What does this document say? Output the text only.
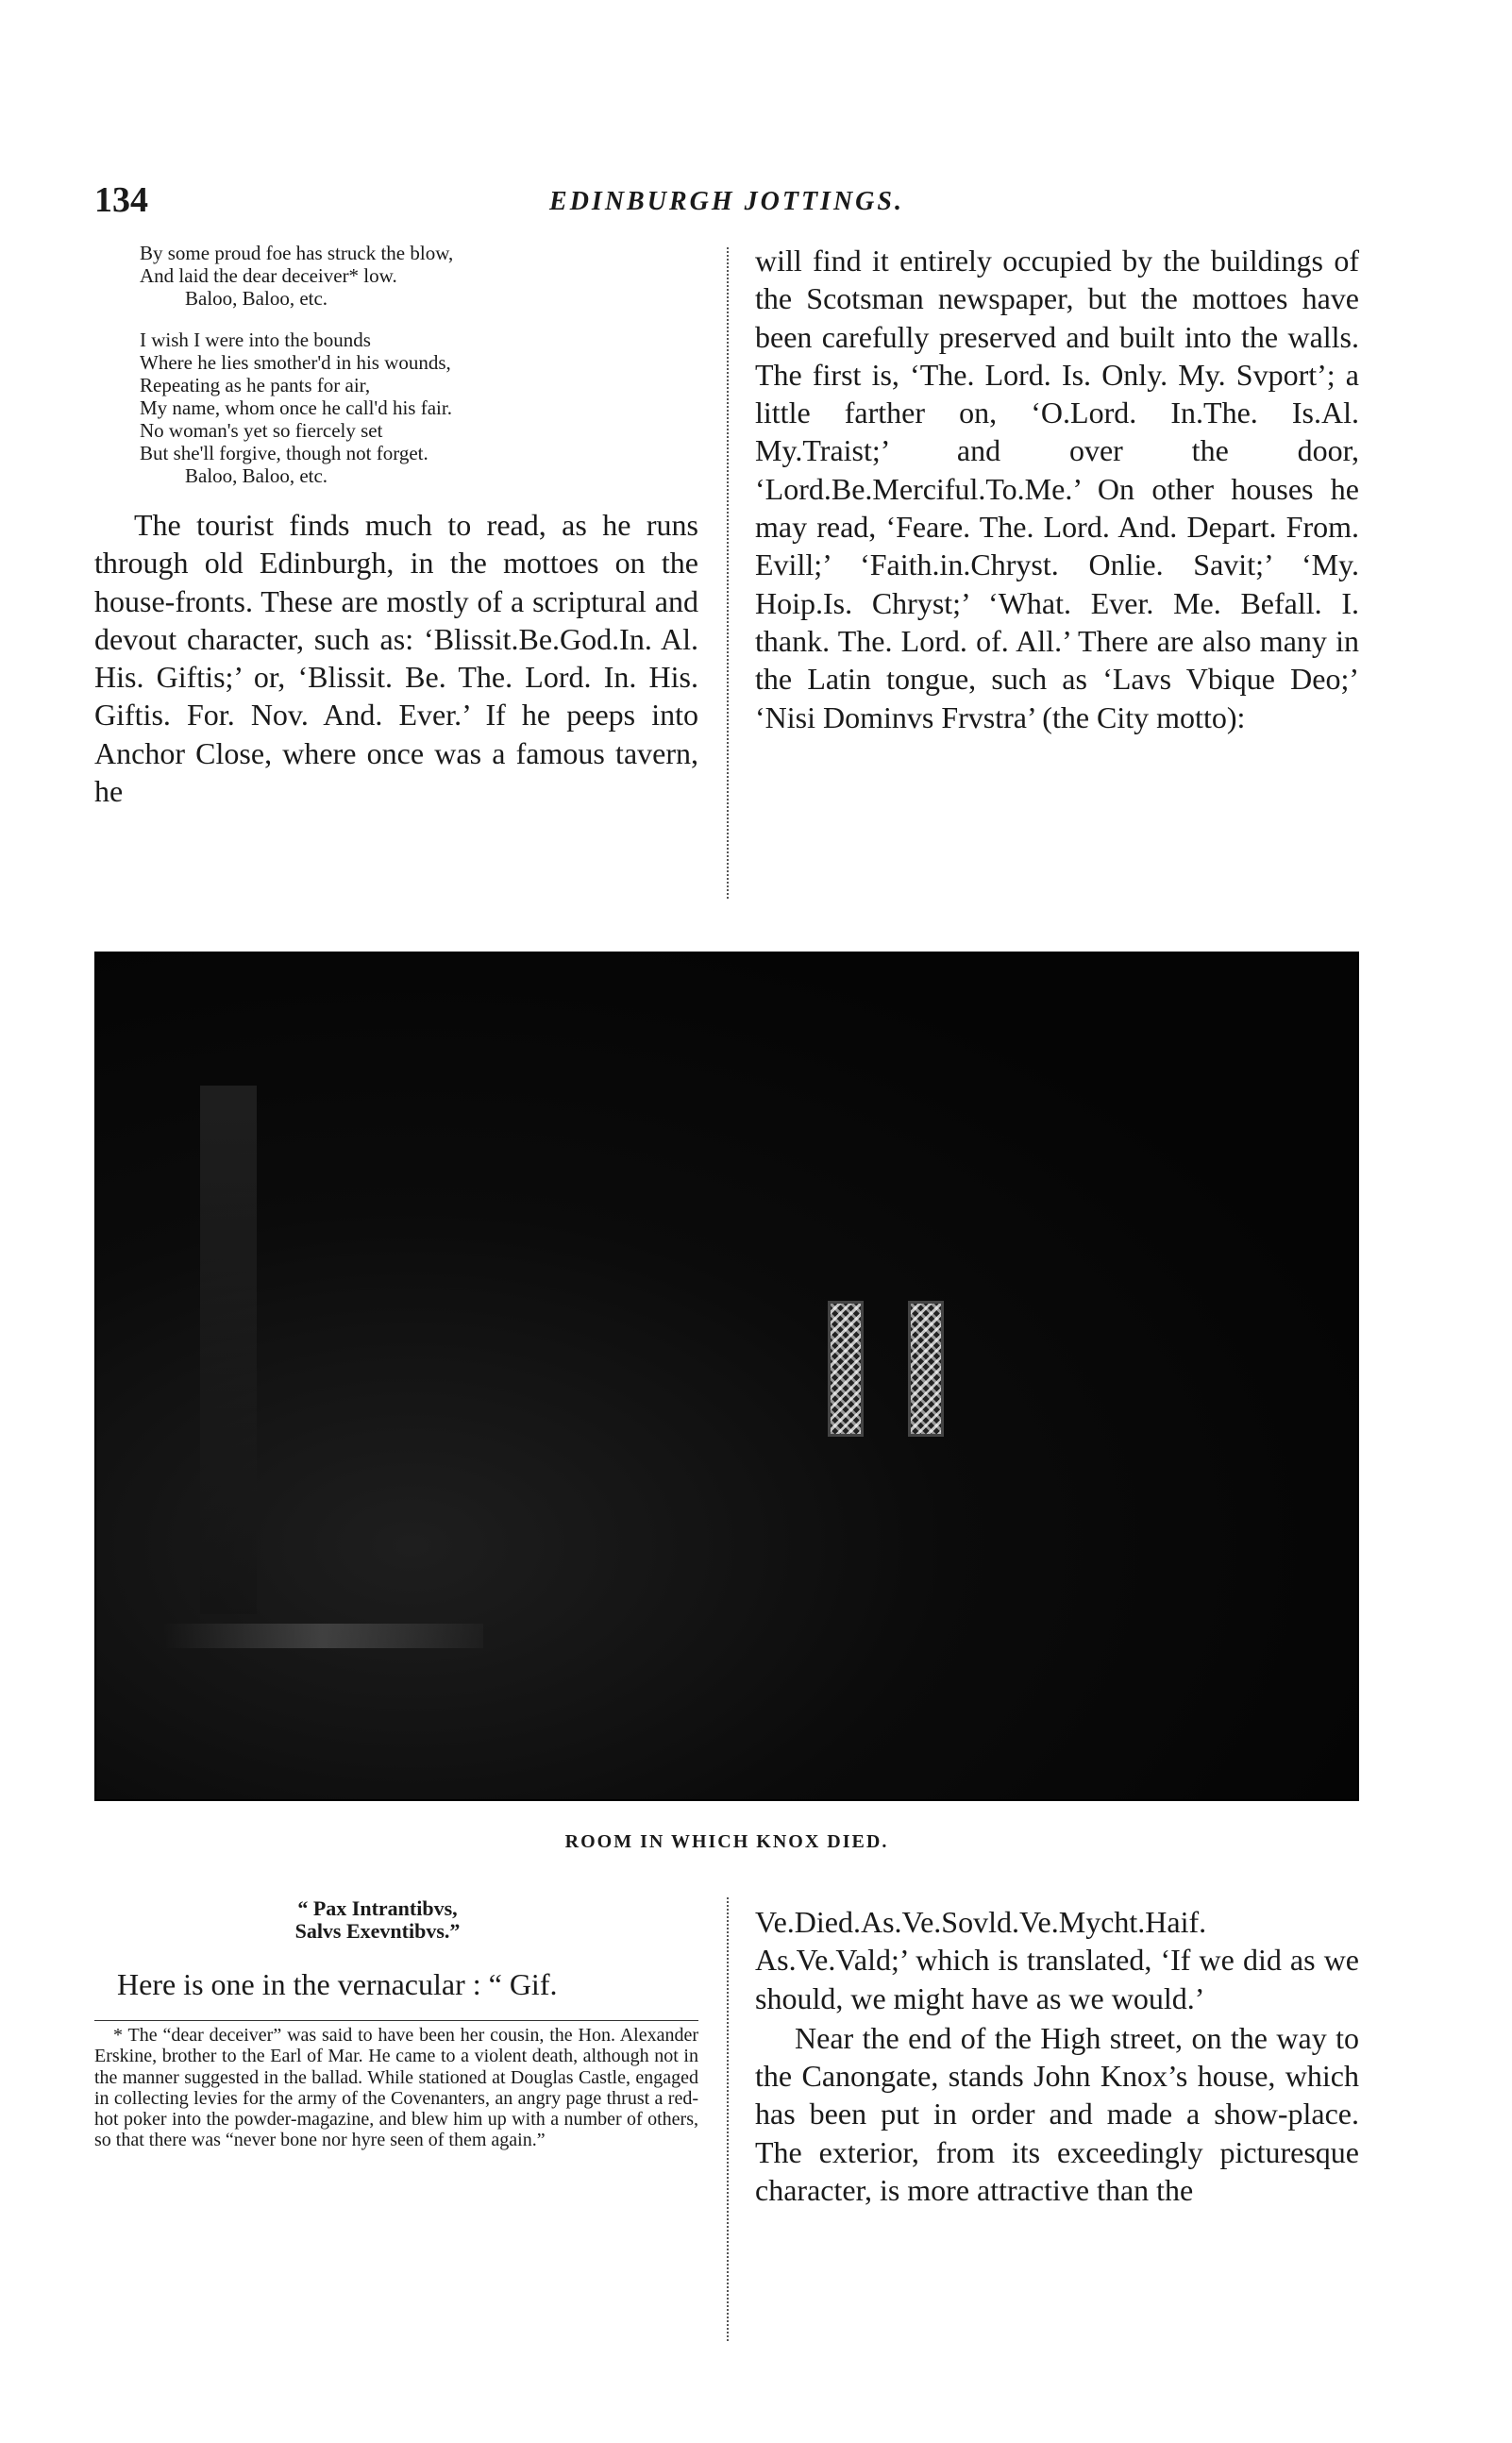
134	EDINBURGH JOTTINGS.
By some proud foe has struck the blow,
And laid the dear deceiver* low.
Baloo, Baloo, etc.
I wish I were into the bounds
Where he lies smother'd in his wounds,
Repeating as he pants for air,
My name, whom once he call'd his fair.
No woman's yet so fiercely set
But she'll forgive, though not forget.
Baloo, Baloo, etc.

The tourist finds much to read, as he runs through old Edinburgh, in the mottoes on the house-fronts. These are mostly of a scriptural and devout character, such as: ‘Blissit.Be.God.In. Al. His. Giftis;’ or, ‘Blissit. Be. The. Lord. In. His. Giftis. For. Nov. And. Ever.’ If he peeps into Anchor Close, where once was a famous tavern, he

will find it entirely occupied by the buildings of the Scotsman newspaper, but the mottoes have been carefully preserved and built into the walls. The first is, ‘The. Lord. Is. Only. My. Svport’; a little farther on, ‘O.Lord. In.The. Is.Al. My.Traist;’ and over the door, ‘Lord.Be.Merciful.To.Me.’ On other houses he may read, ‘Feare. The. Lord. And. Depart. From. Evill;’ ‘Faith.in.Chryst. Onlie. Savit;’ ‘My. Hoip.Is. Chryst;’ ‘What. Ever. Me. Befall. I. thank. The. Lord. of. All.’ There are also many in the Latin tongue, such as ‘Lavs Vbique Deo;’ ‘Nisi Dominvs Frvstra’ (the City motto):

ROOM IN WHICH KNOX DIED.
“ Pax Intrantibvs,
Salvs Exevntibvs.”

Here is one in the vernacular : “ Gif.

* The “dear deceiver” was said to have been her cousin, the Hon. Alexander Erskine, brother to the Earl of Mar. He came to a violent death, although not in the manner suggested in the ballad. While stationed at Douglas Castle, engaged in collecting levies for the army of the Covenanters, an angry page thrust a red-hot poker into the powder-magazine, and blew him up with a number of others, so that there was “never bone nor hyre seen of them again.”

Ve.Died.As.Ve.Sovld.Ve.Mycht.Haif. As.Ve.Vald;’ which is translated, ‘If we did as we should, we might have as we would.’

Near the end of the High street, on the way to the Canongate, stands John Knox’s house, which has been put in order and made a show-place. The exterior, from its exceedingly picturesque character, is more attractive than the
